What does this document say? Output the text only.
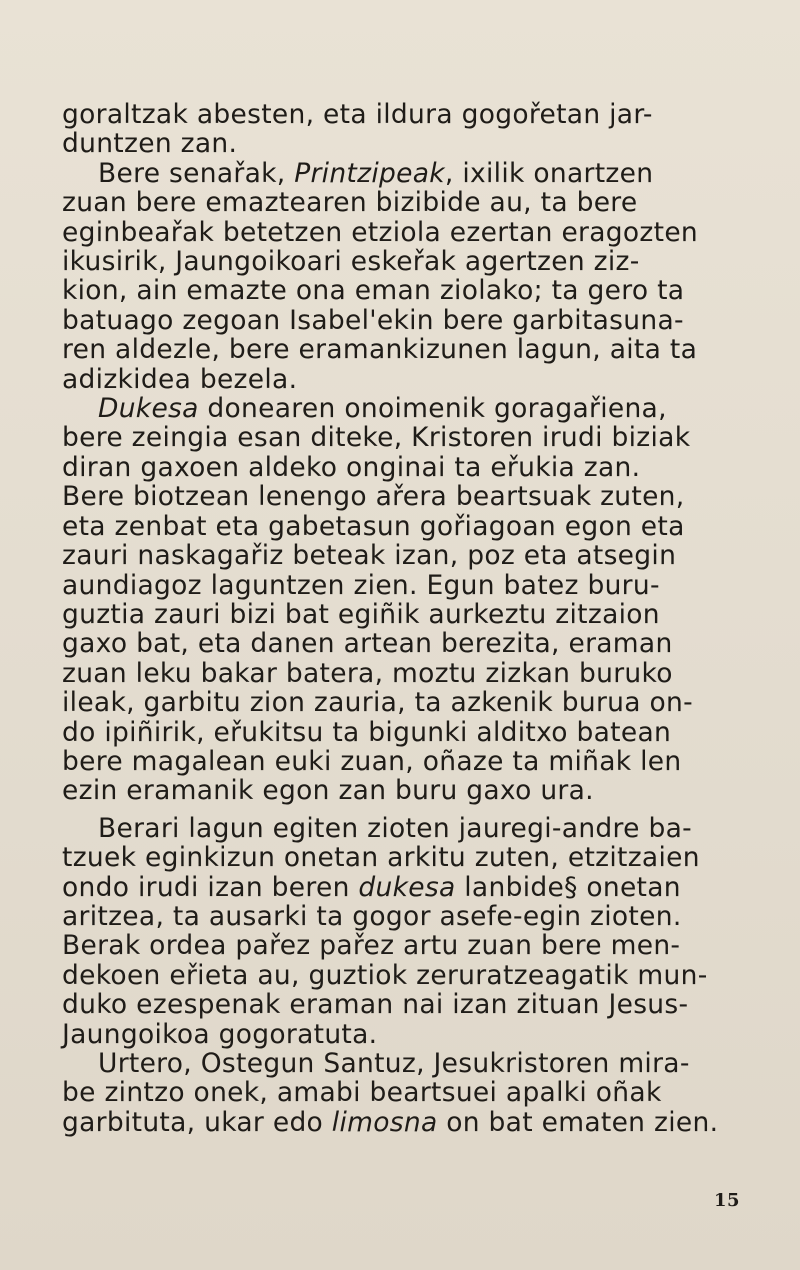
goraltzak abesten, eta ildura gogořetan jar-
duntzen zan.

Bere senařak, Printzipeak, ixilik onartzen
zuan bere emaztearen bizibide au, ta bere
eginbeařak betetzen etziola ezertan eragozten
ikusirik, Jaungoikoari eskeřak agertzen ziz-
kion, ain emazte ona eman ziolako; ta gero ta
batuago zegoan Isabel'ekin bere garbitasuna-
ren aldezle, bere eramankizunen lagun, aita ta
adizkidea bezela.

Dukesa donearen onoimenik goragařiena,
bere zeingia esan diteke, Kristoren irudi biziak
diran gaxoen aldeko onginai ta eřukia zan.
Bere biotzean lenengo ařera beartsuak zuten,
eta zenbat eta gabetasun gořiagoan egon eta
zauri naskagařiz beteak izan, poz eta atsegin
aundiagoz laguntzen zien. Egun batez buru-
guztia zauri bizi bat egiñik aurkeztu zitzaion
gaxo bat, eta danen artean berezita, eraman
zuan leku bakar batera, moztu zizkan buruko
ileak, garbitu zion zauria, ta azkenik burua on-
do ipiñirik, eřukitsu ta bigunki alditxo batean
bere magalean euki zuan, oñaze ta miñak len
ezin eramanik egon zan buru gaxo ura.

Berari lagun egiten zioten jauregi-andre ba-
tzuek eginkizun onetan arkitu zuten, etzitzaien
ondo irudi izan beren dukesa lanbide§ onetan
aritzea, ta ausarki ta gogor asefe-egin zioten.
Berak ordea pařez pařez artu zuan bere men-
dekoen eřieta au, guztiok zeruratzeagatik mun-
duko ezespenak eraman nai izan zituan Jesus-
Jaungoikoa gogoratuta.

Urtero, Ostegun Santuz, Jesukristoren mira-
be zintzo onek, amabi beartsuei apalki oñak
garbituta, ukar edo limosna on bat ematen zien.

15
